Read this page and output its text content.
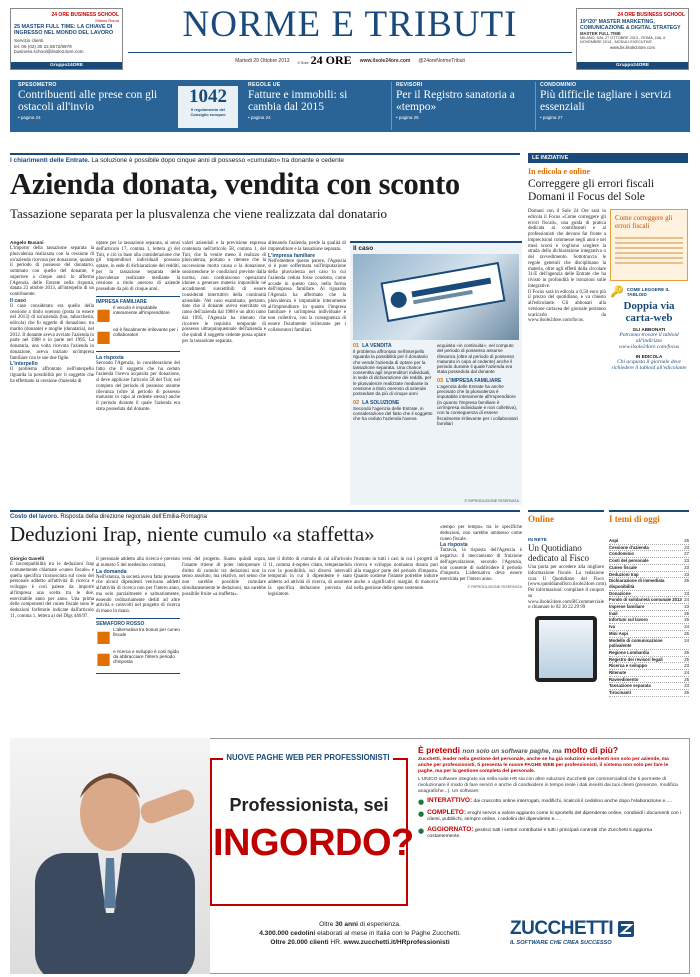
24 ORE BUSINESS SCHOOL
Milano Roma
25 MASTER FULL TIME: LA CHIAVE DI INGRESSO NEL MONDO DEL LAVORO
Servizio clienti
tel. 06 (02) 30 22.6572/6979
business.school@ilsole24ore.com
Gruppo24ORE
NORME E TRIBUTI
Martedì 29 Ottobre 2013 Il Sole 24 ORE www.ilsole24ore.com @24oreNormeTributi
24 ORE BUSINESS SCHOOL
19°/20° MASTER MARKETING, COMUNICAZIONE & DIGITAL STRATEGY
MASTER FULL TIME
MILANO, DAL 27 OTTOBRE 2013 - ROMA, DAL 6 NOVEMBRE 2013 - MODULI EXECUTIVE
www.bs.ilsole24ore.com
Gruppo24ORE
SPESOMETRO
Contribuenti alle prese con gli ostacoli all'invio
• pagina 24
1042
Il regolamento del Consiglio europeo
REGOLE UE
Fatture e immobili: si cambia dal 2015
• pagina 24
REVISORI
Per il Registro sanatoria a «tempo»
• pagina 25
CONDOMINIO
Più difficile tagliare i servizi essenziali
• pagina 27
I chiarimenti delle Entrate. La soluzione è possibile dopo cinque anni di possesso «cumulato» tra donante e cedente
Azienda donata, vendita con sconto
Tassazione separata per la plusvalenza che viene realizzata dal donatario
Angelo Busani
L'importo della tassazione separata la plusvalenza realizzata con la cessione di un'azienda ricevuta per donazione, quando il periodo di possesso del donatario, sommato con quello del donante, è superiore a cinque anni: lo afferma l'Agenzia delle Entrate nella risposta, datata 23 ottobre 2013, all'interpello di un contribuente.
Il caso
Il caso considerato era quello della cessione a titolo oneroso (posta in essere nel 2013) di un'azienda (bar, tabaccheria, edicola) che fu oggetto di donazione, tra marito (donante) e moglie (donataria), nel 2012. Il donante aveva avviato l'azienda in parte nel 1988 e in parte nel 1995. La donataria, una volta ricevuta l'azienda in donazione, aveva iniziato un'impresa familiare con le sue due figlie.
L'interpello
Il problema affrontato nell'interpello riguarda la possibilità per il soggetto che ha effettuato la cessione d'azienda di
optare per la tassazione separata, ai sensi dell'articolo 17, comma 1, lettera g) del Tuir, e ciò in base alla considerazione che gli imprenditori individuali possono optare, in sede di dichiarazione dei redditi, per la tassazione separata delle plusvalenze realizzate mediante la cessione a titolo oneroso di aziende possedute da più di cinque anni.
IMPRESA FAMILIARE
■ Il veicolo è imputabile interamente all'imprenditore
■ ed è fiscalmente irrilevante per i collaboratori
La risposta
Secondo l'Agenzia, in considerazione del fatto che il soggetto che ha ceduto l'azienda l'aveva acquisita per donazione, si deve applicare l'articolo 58 del Tuir, nel computo del periodo di possesso assume rilevanza (oltre al periodo di possesso maturato in capo al cedente stesso) anche il periodo durante il quale l'azienda era stata posseduta dal donante.
valori aziendali e la previsione espressa contenuta nell'articolo 58, comma 1, del Tuir, che fa venire meno il realizzo di plusvalenza, portano a ritenere che la successione morta causa o la donazione, sussistendone le condizioni previste dalla norma, non costituiscono operazioni idonee a generare materia imponibile né accadimenti suscettibili di essere considerati interruttivi della continuità aziendale. Nel caso esaminato, pertanto, dato che il donante aveva esercitato un ramo dell'azienda dal 1988 e un altro ramo dal 1995, l'Agenzia ha ritenuto che ricorrere le requisito temporale di possesso ultraquinquennale dell'azienda e che quindi il soggetto cedente possa optare per la tassazione separata.
alienando l'azienda, perde la qualità di imprenditore e la tassazione separata.
L'impresa familiare
Nell'emettere questo parere, l'Agenzia si è pure soffermata sull'imputazione della plusvalenza nel caso in cui l'azienda ceduta fosse condotta, come accade in questo caso, nella forma dell'impresa familiare. Al riguardo l'Agenzia ha affermato che la plusvalenza è imputabile interamente all'imprenditore in quanto l'impresa familiare è un'impresa individuale e non collettiva, con la conseguenza di essere fiscalmente irrilevante per i collaboratori familiari.
Il caso
01 LA VENDITA
Il problema affrontato nell'interpello riguarda la possibilità per il donatario che vende l'azienda di optare per la tassazione separata. Una chance consentita agli imprenditori individuali, in sede di dichiarazione dei redditi, per le plusvalenze realizzate mediante la cessione a titolo oneroso di aziende possedute da più di cinque anni
02 LA SOLUZIONE
Secondo l'agenzia delle Entrate, in considerazione del fatto che il soggetto che ha ceduto l'azienda l'aveva
acquisita «in continuità», nel computo del periodo di possesso assume rilevanza (oltre al periodo di possesso maturato in capo al cedente) anche il periodo durante il quale l'azienda era stata posseduta dal donante
03 L'IMPRESA FAMILIARE
L'agenzia delle Entrate ha anche precisato che la plusvalenza è imputabile interamente all'imprenditore (in quanto l'impresa familiare è un'impresa individuale e non collettiva), con la conseguenza di essere fiscalmente irrilevante per i collaboratori familiari
© RIPRODUZIONE RISERVATA
LE INIZIATIVE
In edicola e online
Correggere gli errori fiscali Domani il Focus del Sole
Domani con il Sole 24 Ore sarà in edicola il Focus «Come correggere gli errori fiscali», una guida di pratica dedicata ai contribuenti e ai professionisti che devono far fronte a imprecisioni commesse negli anni e nei mesi scorsi e vogliono sceglere la strada della dichiarazione integrativa o del ravvedimento. Sottotraccia le regole generali che disciplinano la materia, oltre agli effetti della circolare 31/E dell'agenzia delle Entrate che ha rivisto in profondità le istruzioni sulle integrative.
Il Focus sarà in edicola a 0,50 euro più il prezzo del quotidiano, e va chiesto all'edicolante. Gli abbonati alla versione cartacea del giornale potranno scaricarlo da www.ilsole24ore.com/focus.
Come correggere gli errori fiscali
🔑 COME LEGGERE IL TABLOID
Doppia via carta-web
GLI ABBONATI
Potranno trovare il tabloid all'indirizzo www.ilsole24ore.com/focus
IN EDICOLA
Chi acquista il giornale deve richiedere il tabloid all'edicolante
Costo del lavoro. Risposta della direzione regionale dell'Emilia-Romagna
Deduzioni Irap, niente cumulo «a staffetta»
Giorgio Gavelli
È incompatibilità tra le deduzioni Irap comunemente chiamate «cuneo fiscale» e quella specifica riconosciuta sul costo del personale addetto all'attività di ricerca e sviluppo è così palese da imporre all'impresa una scelta tra le due, esercitabile anno per anno. Una prima delle componenti del cuneo fiscale sono le deduzioni forfetarie indicate dall'articolo 11, comma 1, lettera a) del Dlgs 446/97.
il personale addetto alla ricerca è previsto al numero 5 del medesimo comma).
La domanda
Nell'istanza, la società aveva fatto presente che alcuni dipendenti venivano addetti all'attività di ricerca non per l'intero anno, ma solo parzialmente e saltuariamente, essendo ordinariamente dediti ad altre attività e coinvolti nel progetto di ricerca di mano in mano.
SEMAFORO ROSSO
■ L'alternativa tra bonus per cuneo fiscale
■ e ricerca e sviluppo è così rigida da abbracciare l'intero periodo d'imposta
versi del progetto. Siamo quindi sopra, l'istante ritiene di poter interpretare il diritto di cumulo tra deduzioni non in senso assoluto, ma relativo, nel senso che non sarebbe possibile cumulare simultaneamente le deduzioni, ma sarebbe possibile fruire «a staffetta».
tare il diritto di cumulo di cui all'articolo 11, comma 4-septies citato, temperandolo con la possibilità, sui diversi intervalli temporali in cui il dipendente è stato addetto ad attività di ricerca, di assumere la specifica deduzione prevista dal legislatore.
frustrato in tutti i casi in cui i progetti di ricerca e sviluppo nonhanno durata pari alla maggior parte del periodo d'imposta. Quanto sostiene l'istante potrebbe indurre anche a significativi margini di manovra nella gestione delle spese sostenute.
«tempo per tempo» tra le specifiche deduzioni, non sarebbe ammesso come cuneo fiscale.
La risposta
Tuttavia, la risposta dell'Agenzia è negativa: il meccanismo di fruizione dell'agevolazione, secondo l'Agenzia, non consente di suddividere il periodo d'imposta. L'alternativa deve essere esercitata per l'intero anno.
© RIPRODUZIONE RISERVATA
Online
IN RETE
Un Quotidiano dedicato al Fisco
Una porta per accedere alla migliore informazione fiscale. La redazione cura Il Quotidiano del Fisco (www.quotidianofisco.ilsole24ore.com). Per informazioni: compilare il coupon su www.ilsole24ore.com/BCcommerciale o chiamare lo 02 30 22 29 99
I temi di oggi
Aspi	26
Cessione d'azienda	23
Condominio	27
Costi del personale	23
Cuneo fiscale	23
Deduzioni Irap	23
Dichiarazione di immediata disponibilità
26
Donazione	23
Fondo di solidarietà comunale 2013 24
Imprese familiare	23
Inail	26
Infortuni sul lavoro	26
Iva	24
Mini Aspi	26
Modello di comunicazione polivalente
24
Regione Lombardia	26
Registro dei revisori legali	25
Ricerca e sviluppo	23
Ritenute	24
Ravvedimento	25
Tassazione separata	23
Tirocinanti	26
NUOVE PAGHE WEB PER PROFESSIONISTI
Professionista, sei
INGORDO?
È pretendi non solo un software paghe, ma molto di più?
Zucchetti, leader nella gestione del personale, anche se ha già soluzioni eccellenti non solo per aziende, ma anche per professionisti, ti presenta le nuove PAGHE WEB per professionisti, il sistema non solo per fare le paghe, ma per la gestione completa del personale.
L'UNICO software integrato sia nella suite HR sia con altre soluzioni Zucchetti per commercialisti che ti permette di rivoluzionare il modo di fare servizi e anche di condividere in tempo reale i dati inseriti dai tuoi clienti (presenze, modifica anagrafiche...). Un software:
● INTERATTIVO: dai cruscotto online interrogati, modifichi, ricalcoli il cedolino anche dopo l'elaborazione e.....
● COMPLETO: eroghi servizi a valore aggiunto come lo sportello del dipendente online, condividi i documenti con i clienti, pubblichi, sempre online, i cedolini del dipendente e.....
● AGGIORNATO: gestisci tutti i settori contributivi e tutti i principali contratti che Zucchetti ti aggiorna costantemente.
Oltre 30 anni di esperienza.
4.300.000 cedolini elaborati al mese in Italia con le Paghe Zucchetti.
Oltre 20.000 clienti HR. www.zucchetti.it/HRprofessionisti
ZUCCHETTI
IL SOFTWARE CHE CREA SUCCESSO
